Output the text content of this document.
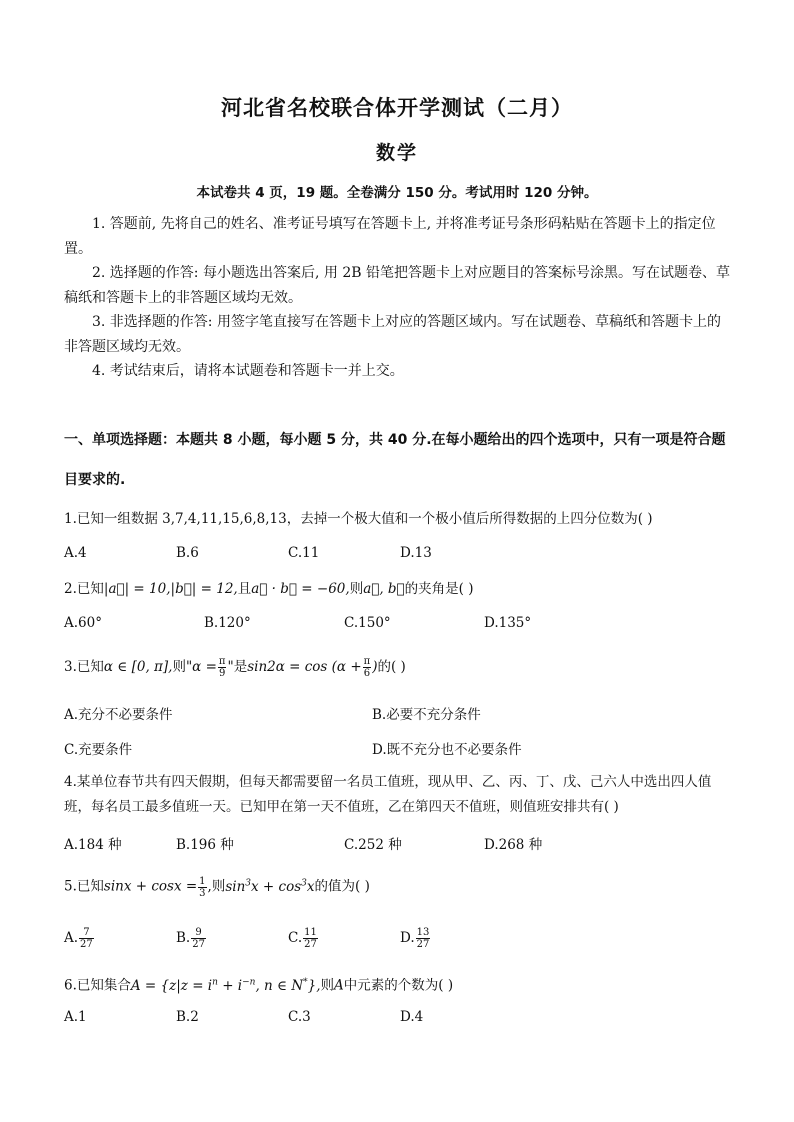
河北省名校联合体开学测试（二月）
数学
本试卷共 4 页，19 题。全卷满分 150 分。考试用时 120 分钟。

1. 答题前, 先将自己的姓名、准考证号填写在答题卡上, 并将准考证号条形码粘贴在答题卡上的指定位置。

2. 选择题的作答: 每小题选出答案后, 用 2B 铅笔把答题卡上对应题目的答案标号涂黑。写在试题卷、草稿纸和答题卡上的非答题区域均无效。

3. 非选择题的作答: 用签字笔直接写在答题卡上对应的答题区域内。写在试题卷、草稿纸和答题卡上的非答题区域均无效。

4. 考试结束后，请将本试题卷和答题卡一并上交。

一、单项选择题：本题共 8 小题，每小题 5 分，共 40 分.在每小题给出的四个选项中，只有一项是符合题目要求的.
1.已知一组数据 3,7,4,11,15,6,8,13，去掉一个极大值和一个极小值后所得数据的上四分位数为( )
A.4	B.6	C.11	D.13
2.已知|a⃗| = 10,|b⃗| = 12,且a⃗ · b⃗ = −60,则a⃗, b⃗的夹角是( )
A.60°	B.120°	C.150°	D.135°
3.已知α ∈ [0, π],则"$\alpha = \frac{\pi}{9}$ "是$\sin 2\alpha = \cos (\alpha + \frac{\pi}{6}$ )的( )
A.充分不必要条件	B.必要不充分条件
C.充要条件	D.既不充分也不必要条件
4.某单位春节共有四天假期，但每天都需要留一名员工值班，现从甲、乙、丙、丁、戊、己六人中选出四人值班，每名员工最多值班一天。已知甲在第一天不值班，乙在第四天不值班，则值班安排共有( )
A.184 种	B.196 种	C.252 种	D.268 种
5.已知$\sin x + \cos x = \frac{1}{3}$ ,则$\sin^3x + \cos^3x$的值为( )
A. $\frac{7}{27}$	B. $\frac{9}{27}$	C. $\frac{11}{27}$	D. $\frac{13}{27}$
6.已知集合$A = \{z|z = i^n + i^{-n}$, n ∈ N*},则A中元素的个数为( )
A.1	B.2	C.3	D.4
